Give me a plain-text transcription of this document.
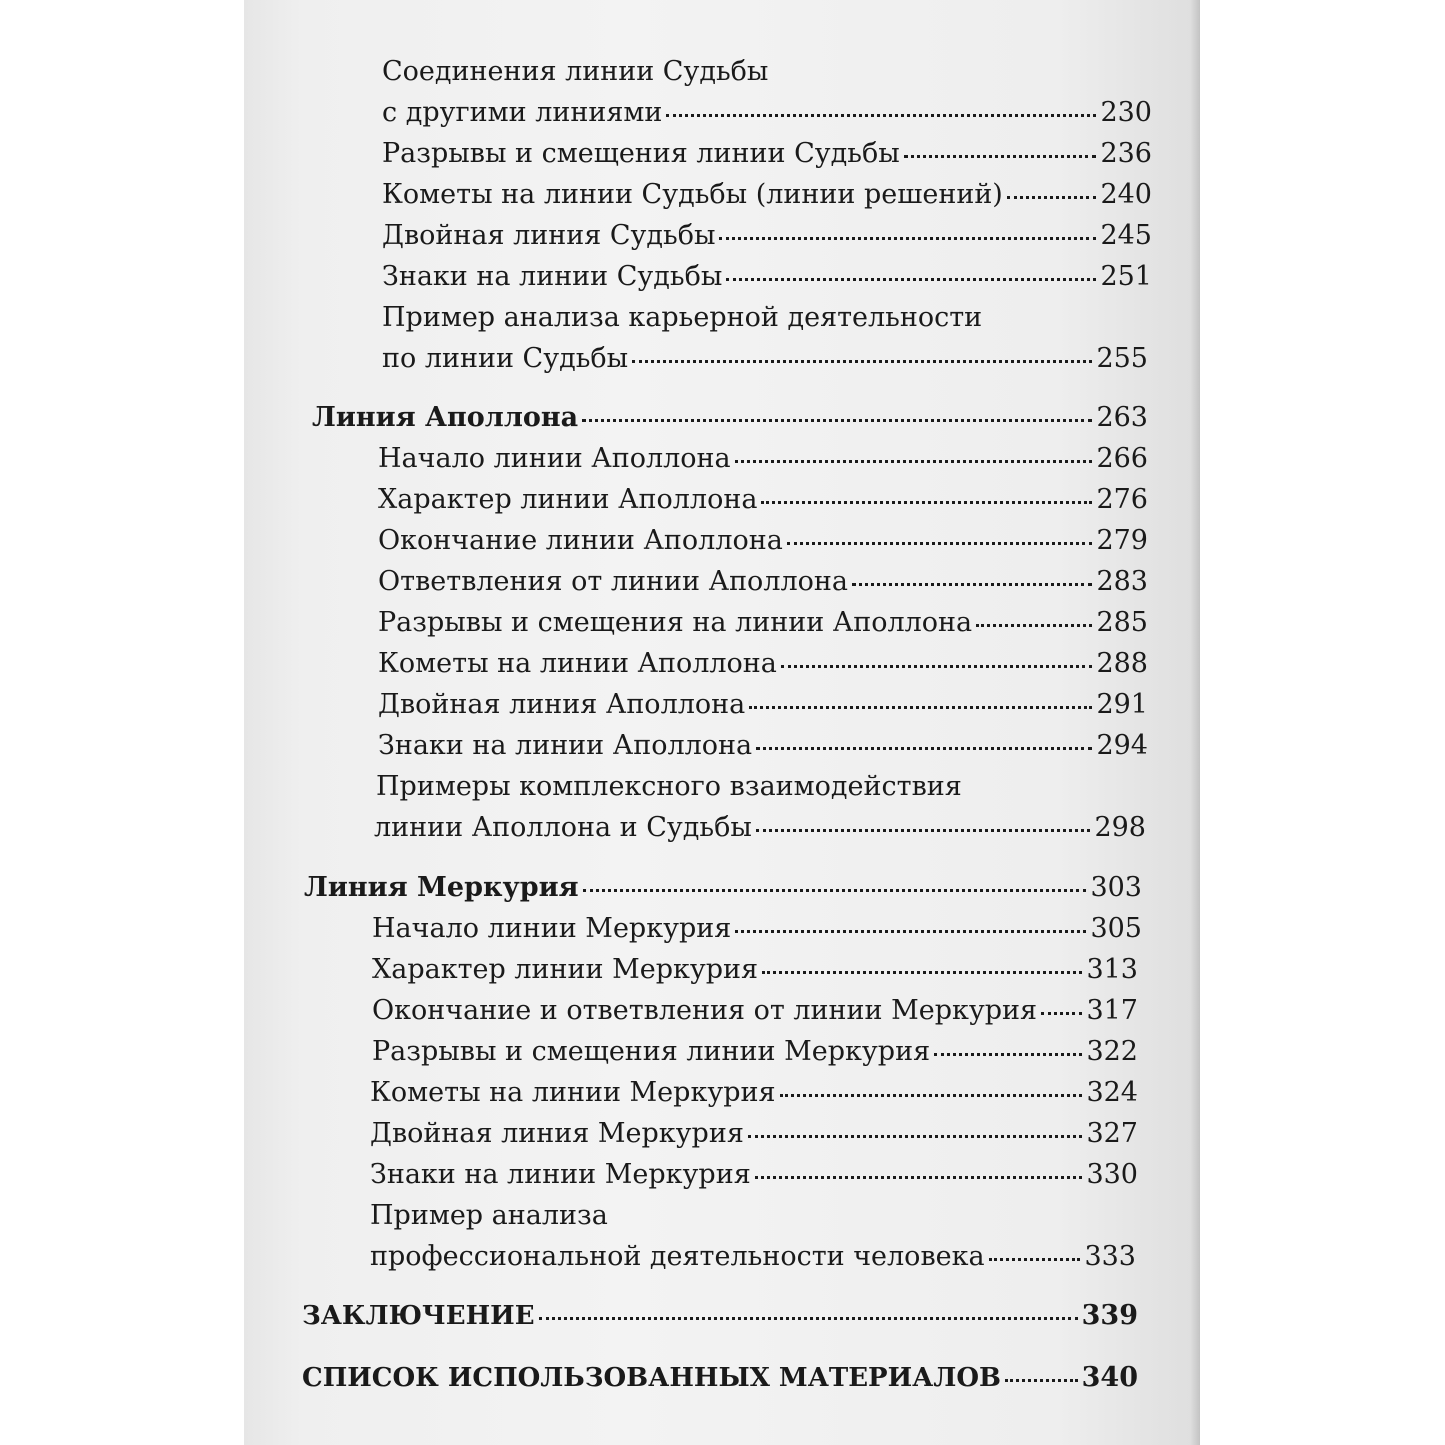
Соединения линии Судьбы
с другими линиями	230
Разрывы и смещения линии Судьбы	236
Кометы на линии Судьбы (линии решений)	240
Двойная линия Судьбы	245
Знаки на линии Судьбы	251
Пример анализа карьерной деятельности
по линии Судьбы	255
Линия Аполлона	263
Начало линии Аполлона	266
Характер линии Аполлона	276
Окончание линии Аполлона	279
Ответвления от линии Аполлона	283
Разрывы и смещения на линии Аполлона	285
Кометы на линии Аполлона	288
Двойная линия Аполлона	291
Знаки на линии Аполлона	294
Примеры комплексного взаимодействия
линии Аполлона и Судьбы	298
Линия Меркурия	303
Начало линии Меркурия	305
Характер линии Меркурия	313
Окончание и ответвления от линии Меркурия 317
Разрывы и смещения линии Меркурия	322
Кометы на линии Меркурия	324
Двойная линия Меркурия	327
Знаки на линии Меркурия	330
Пример анализа
профессиональной деятельности человека	333
ЗАКЛЮЧЕНИЕ	339
СПИСОК ИСПОЛЬЗОВАННЫХ МАТЕРИАЛОВ	340
